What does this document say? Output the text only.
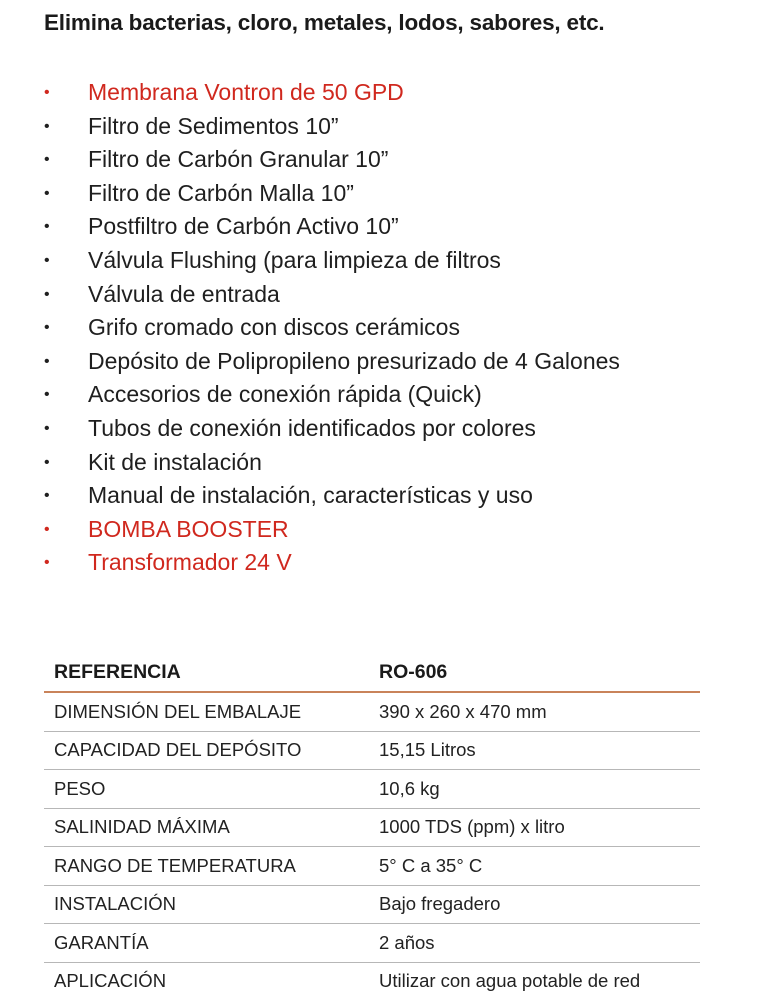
Elimina bacterias, cloro, metales, lodos, sabores, etc.
• Membrana Vontron de 50 GPD
• Filtro de Sedimentos 10”
• Filtro de Carbón Granular 10”
• Filtro de Carbón Malla 10”
• Postfiltro de Carbón Activo 10”
• Válvula Flushing (para limpieza de filtros
• Válvula de entrada
• Grifo cromado con discos cerámicos
• Depósito de Polipropileno presurizado de 4 Galones
• Accesorios de conexión rápida (Quick)
• Tubos de conexión identificados por colores
• Kit de instalación
• Manual de instalación, características y uso
• BOMBA BOOSTER
• Transformador 24 V
REFERENCIA	RO-606
DIMENSIÓN DEL EMBALAJE	390 x 260 x 470 mm
CAPACIDAD DEL DEPÓSITO	15,15 Litros
PESO	10,6 kg
SALINIDAD MÁXIMA	1000 TDS (ppm) x litro
RANGO DE TEMPERATURA	5° C a 35° C
INSTALACIÓN	Bajo fregadero
GARANTÍA	2 años
APLICACIÓN	Utilizar con agua potable de red
